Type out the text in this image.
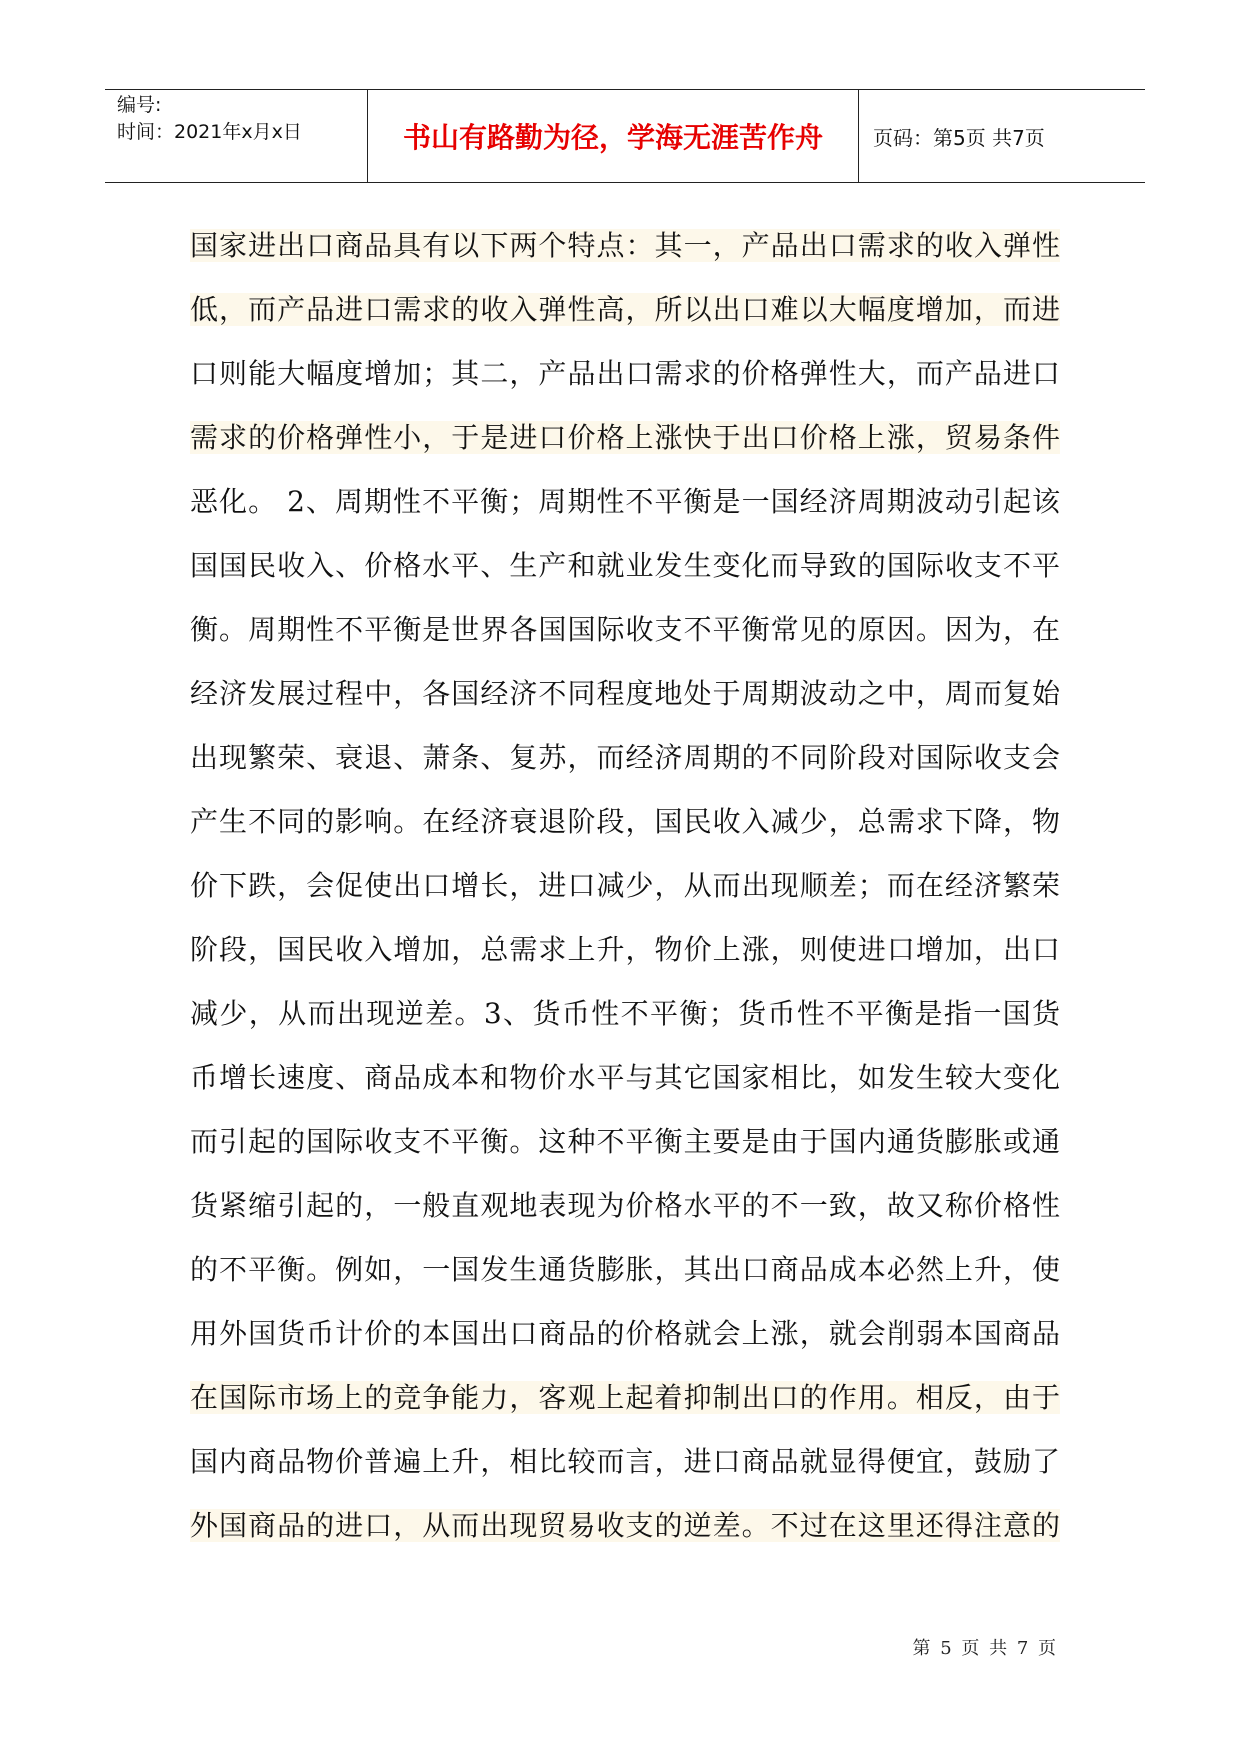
编号:
时间：2021年x月x日	书山有路勤为径，学海无涯苦作舟	页码：第5页 共7页
国家进出口商品具有以下两个特点：其一，产品出口需求的收入弹性
低，而产品进口需求的收入弹性高，所以出口难以大幅度增加，而进
口则能大幅度增加；其二，产品出口需求的价格弹性大，而产品进口
需求的价格弹性小，于是进口价格上涨快于出口价格上涨，贸易条件
恶化。 2、周期性不平衡；周期性不平衡是一国经济周期波动引起该
国国民收入、价格水平、生产和就业发生变化而导致的国际收支不平
衡。周期性不平衡是世界各国国际收支不平衡常见的原因。因为，在
经济发展过程中，各国经济不同程度地处于周期波动之中，周而复始
出现繁荣、衰退、萧条、复苏，而经济周期的不同阶段对国际收支会
产生不同的影响。在经济衰退阶段，国民收入减少，总需求下降，物
价下跌，会促使出口增长，进口减少，从而出现顺差；而在经济繁荣
阶段，国民收入增加，总需求上升，物价上涨，则使进口增加，出口
减少，从而出现逆差。3、货币性不平衡；货币性不平衡是指一国货
币增长速度、商品成本和物价水平与其它国家相比，如发生较大变化
而引起的国际收支不平衡。这种不平衡主要是由于国内通货膨胀或通
货紧缩引起的，一般直观地表现为价格水平的不一致，故又称价格性
的不平衡。例如，一国发生通货膨胀，其出口商品成本必然上升，使
用外国货币计价的本国出口商品的价格就会上涨，就会削弱本国商品
在国际市场上的竞争能力，客观上起着抑制出口的作用。相反，由于
国内商品物价普遍上升，相比较而言，进口商品就显得便宜，鼓励了
外国商品的进口，从而出现贸易收支的逆差。不过在这里还得注意的
第 5 页 共 7 页
